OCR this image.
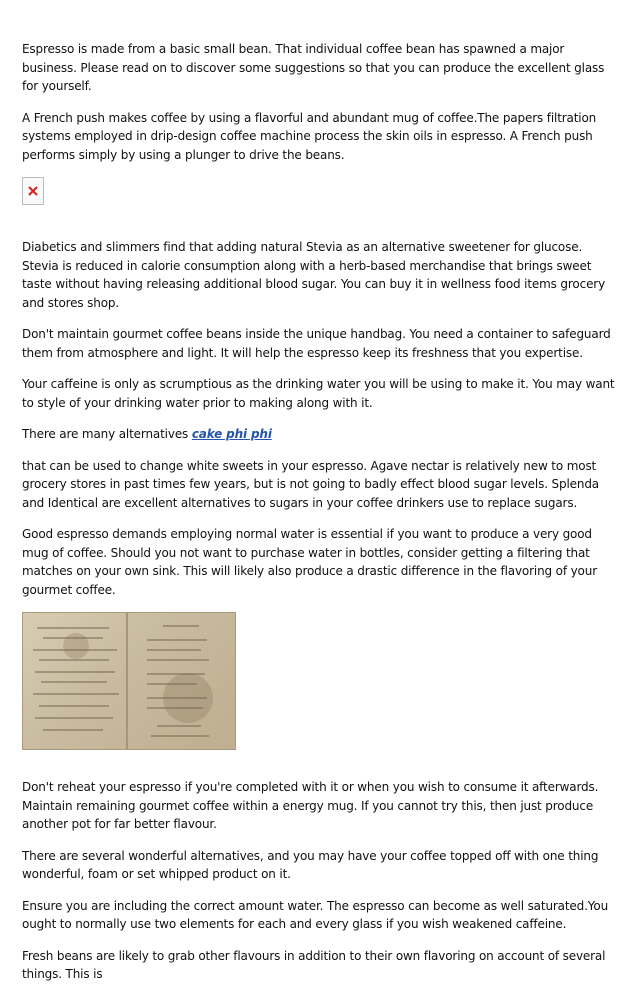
Espresso is made from a basic small bean. That individual coffee bean has spawned a major business. Please read on to discover some suggestions so that you can produce the excellent glass for yourself.

A French push makes coffee by using a flavorful and abundant mug of coffee.The papers filtration systems employed in drip-design coffee machine process the skin oils in espresso. A French push performs simply by using a plunger to drive the beans.

Diabetics and slimmers find that adding natural Stevia as an alternative sweetener for glucose. Stevia is reduced in calorie consumption along with a herb-based merchandise that brings sweet taste without having releasing additional blood sugar. You can buy it in wellness food items grocery and stores shop.

Don't maintain gourmet coffee beans inside the unique handbag. You need a container to safeguard them from atmosphere and light. It will help the espresso keep its freshness that you expertise.

Your caffeine is only as scrumptious as the drinking water you will be using to make it. You may want to style of your drinking water prior to making along with it.

There are many alternatives cake phi phi

that can be used to change white sweets in your espresso. Agave nectar is relatively new to most grocery stores in past times few years, but is not going to badly effect blood sugar levels. Splenda and Identical are excellent alternatives to sugars in your coffee drinkers use to replace sugars.

Good espresso demands employing normal water is essential if you want to produce a very good mug of coffee. Should you not want to purchase water in bottles, consider getting a filtering that matches on your own sink. This will likely also produce a drastic difference in the flavoring of your gourmet coffee.

Don't reheat your espresso if you're completed with it or when you wish to consume it afterwards. Maintain remaining gourmet coffee within a energy mug. If you cannot try this, then just produce another pot for far better flavour.

There are several wonderful alternatives, and you may have your coffee topped off with one thing wonderful, foam or set whipped product on it.

Ensure you are including the correct amount water. The espresso can become as well saturated.You ought to normally use two elements for each and every glass if you wish weakened caffeine.

Fresh beans are likely to grab other flavours in addition to their own flavoring on account of several things. This is
